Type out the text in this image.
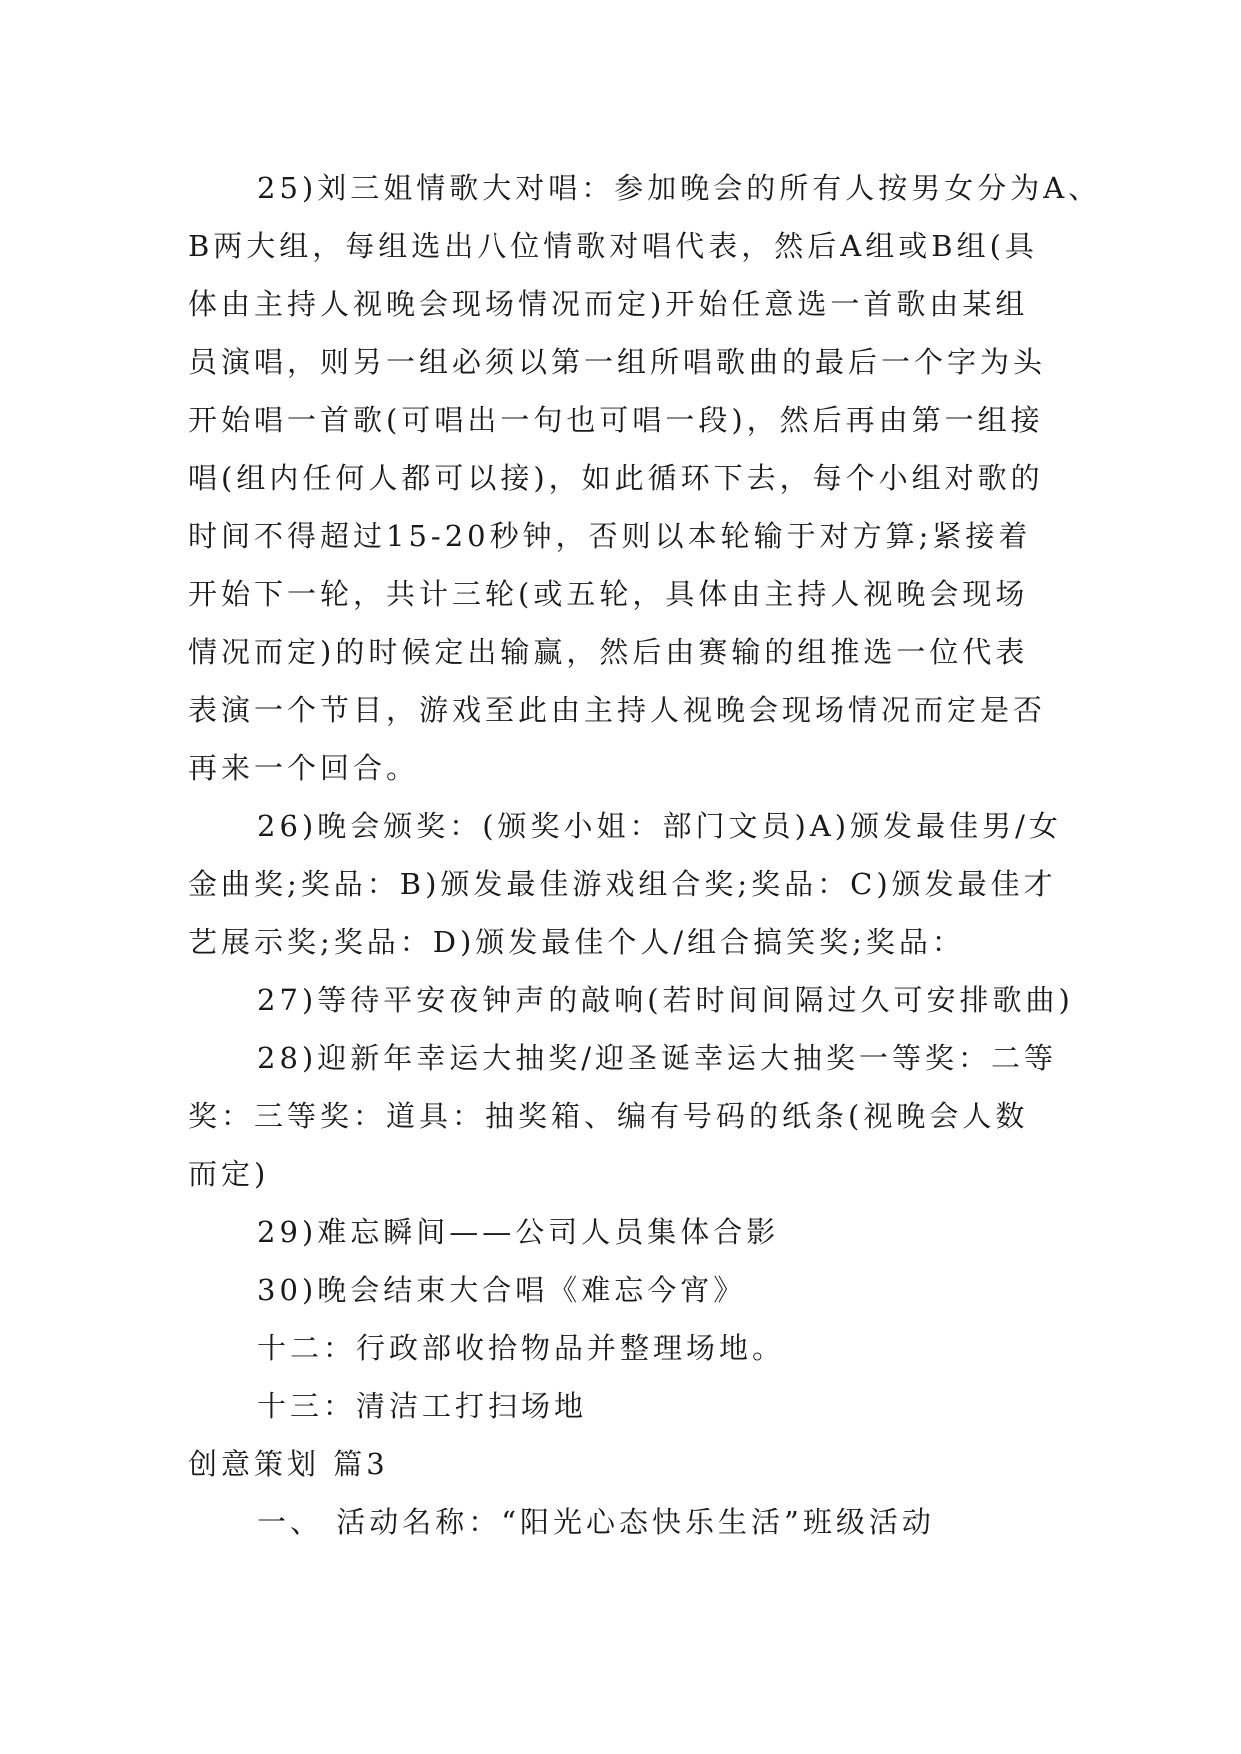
25)刘三姐情歌大对唱：参加晚会的所有人按男女分为A、
B两大组，每组选出八位情歌对唱代表，然后A组或B组(具
体由主持人视晚会现场情况而定)开始任意选一首歌由某组
员演唱，则另一组必须以第一组所唱歌曲的最后一个字为头
开始唱一首歌(可唱出一句也可唱一段)，然后再由第一组接
唱(组内任何人都可以接)，如此循环下去，每个小组对歌的
时间不得超过15-20秒钟，否则以本轮输于对方算;紧接着
开始下一轮，共计三轮(或五轮，具体由主持人视晚会现场
情况而定)的时候定出输赢，然后由赛输的组推选一位代表
表演一个节目，游戏至此由主持人视晚会现场情况而定是否
再来一个回合。
26)晚会颁奖：(颁奖小姐：部门文员)A)颁发最佳男/女
金曲奖;奖品：B)颁发最佳游戏组合奖;奖品：C)颁发最佳才
艺展示奖;奖品：D)颁发最佳个人/组合搞笑奖;奖品：
27)等待平安夜钟声的敲响(若时间间隔过久可安排歌曲)
28)迎新年幸运大抽奖/迎圣诞幸运大抽奖一等奖：二等
奖：三等奖：道具：抽奖箱、编有号码的纸条(视晚会人数
而定)
29)难忘瞬间——公司人员集体合影
30)晚会结束大合唱《难忘今宵》
十二：行政部收拾物品并整理场地。
十三：清洁工打扫场地
创意策划 篇3
一、 活动名称：“阳光心态快乐生活”班级活动
